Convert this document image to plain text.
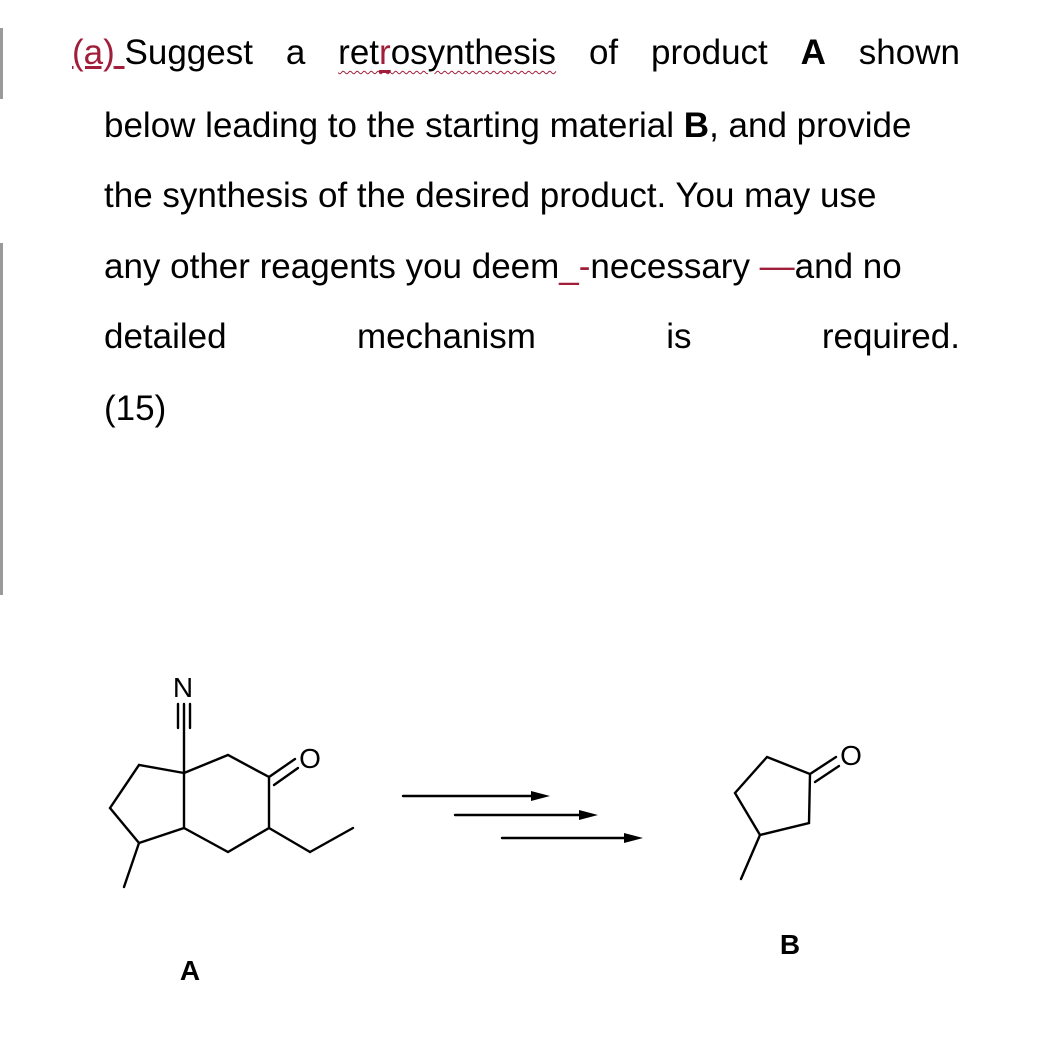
(a) Suggest a retrosynthesis of product A shown
below leading to the starting material B, and provide
the synthesis of the desired product. You may use
any other reagents you deem_-necessary —and no
detailed	mechanism	is	required.
(15)
N
O
A
O
B
